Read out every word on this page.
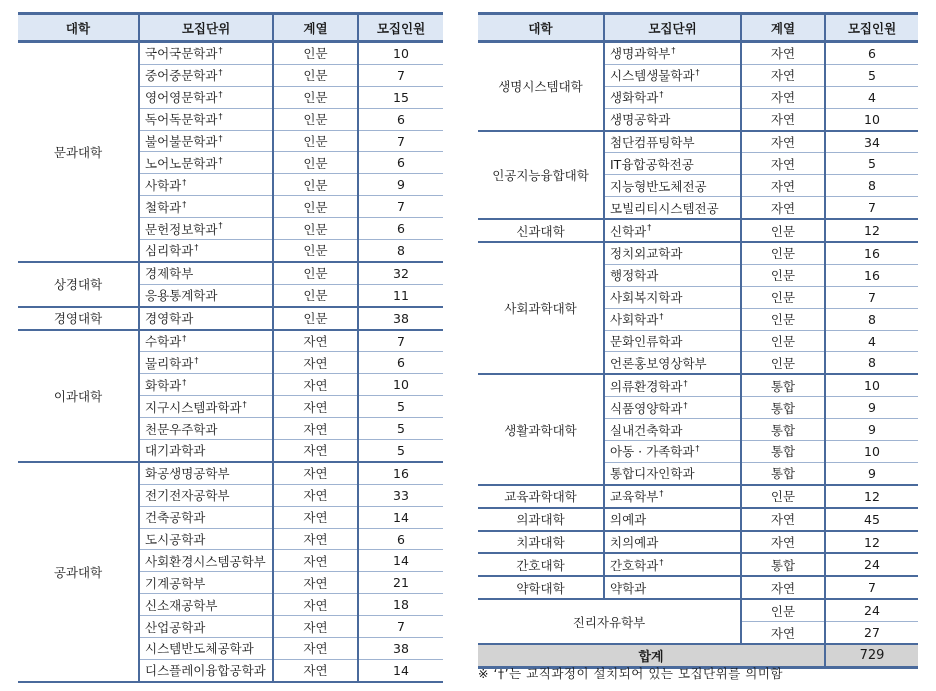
대학	모집단위	계열	모집인원
문과대학	국어국문학과†	인문	10
	중어중문학과†	인문	7
	영어영문학과†	인문	15
	독어독문학과†	인문	6
	불어불문학과†	인문	7
	노어노문학과†	인문	6
	사학과†	인문	9
	철학과†	인문	7
	문헌정보학과†	인문	6
	심리학과†	인문	8
상경대학	경제학부	인문	32
	응용통계학과	인문	11
경영대학	경영학과	인문	38
이과대학	수학과†	자연	7
	물리학과†	자연	6
	화학과†	자연	10
	지구시스템과학과†	자연	5
	천문우주학과	자연	5
	대기과학과	자연	5
공과대학	화공생명공학부	자연	16
	전기전자공학부	자연	33
	건축공학과	자연	14
	도시공학과	자연	6
	사회환경시스템공학부	자연	14
	기계공학부	자연	21
	신소재공학부	자연	18
	산업공학과	자연	7
	시스템반도체공학과	자연	38
	디스플레이융합공학과	자연	14
대학	모집단위	계열	모집인원
생명시스템대학	생명과학부†	자연	6
	시스템생물학과†	자연	5
	생화학과†	자연	4
	생명공학과	자연	10
인공지능융합대학	첨단컴퓨팅학부	자연	34
	IT융합공학전공	자연	5
	지능형반도체전공	자연	8
	모빌리티시스템전공	자연	7
신과대학	신학과†	인문	12
사회과학대학	정치외교학과	인문	16
	행정학과	인문	16
	사회복지학과	인문	7
	사회학과†	인문	8
	문화인류학과	인문	4
	언론홍보영상학부	인문	8
생활과학대학	의류환경학과†	통합	10
	식품영양학과†	통합	9
	실내건축학과	통합	9
	아동 · 가족학과†	통합	10
	통합디자인학과	통합	9
교육과학대학	교육학부†	인문	12
의과대학	의예과	자연	45
치과대학	치의예과	자연	12
간호대학	간호학과†	통합	24
약학대학	약학과	자연	7
진리자유학부		인문	24
		자연	27
합계			729
※ ‘†’는 교직과정이 설치되어 있는 모집단위를 의미함
